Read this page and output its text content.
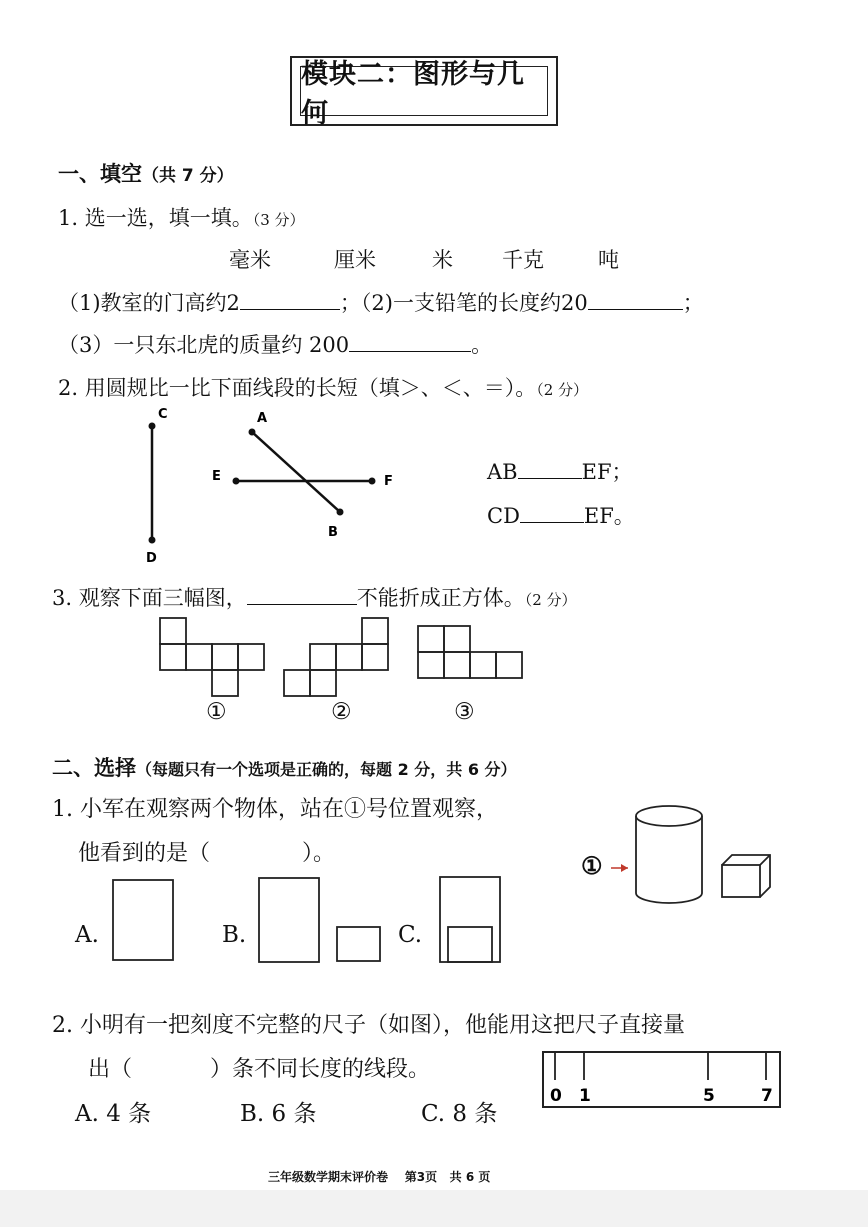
模块二：图形与几何
一、填空（共 7 分）
1. 选一选，填一填。（3 分）
毫米	厘米	米 千克	吨
（1)教室的门高约2	；（2)一支铅笔的长度约20	；
（3）一只东北虎的质量约 200	。
2. 用圆规比一比下面线段的长短（填＞、＜、＝）。（2 分）
C
D
A
B
E	F
0 1	5	7
AB	EF；
CD	EF。
3. 观察下面三幅图，	不能折成正方体。（2 分）
①	②	③
二、选择（每题只有一个选项是正确的，每题 2 分，共 6 分）
1. 小军在观察两个物体，站在①号位置观察，
他看到的是（	）。	①
A.	B.	C.
2. 小明有一把刻度不完整的尺子（如图），他能用这把尺子直接量
出（	）条不同长度的线段。
A. 4 条	B. 6 条	C. 8 条
三年级数学期末评价卷 第3页 共 6 页
